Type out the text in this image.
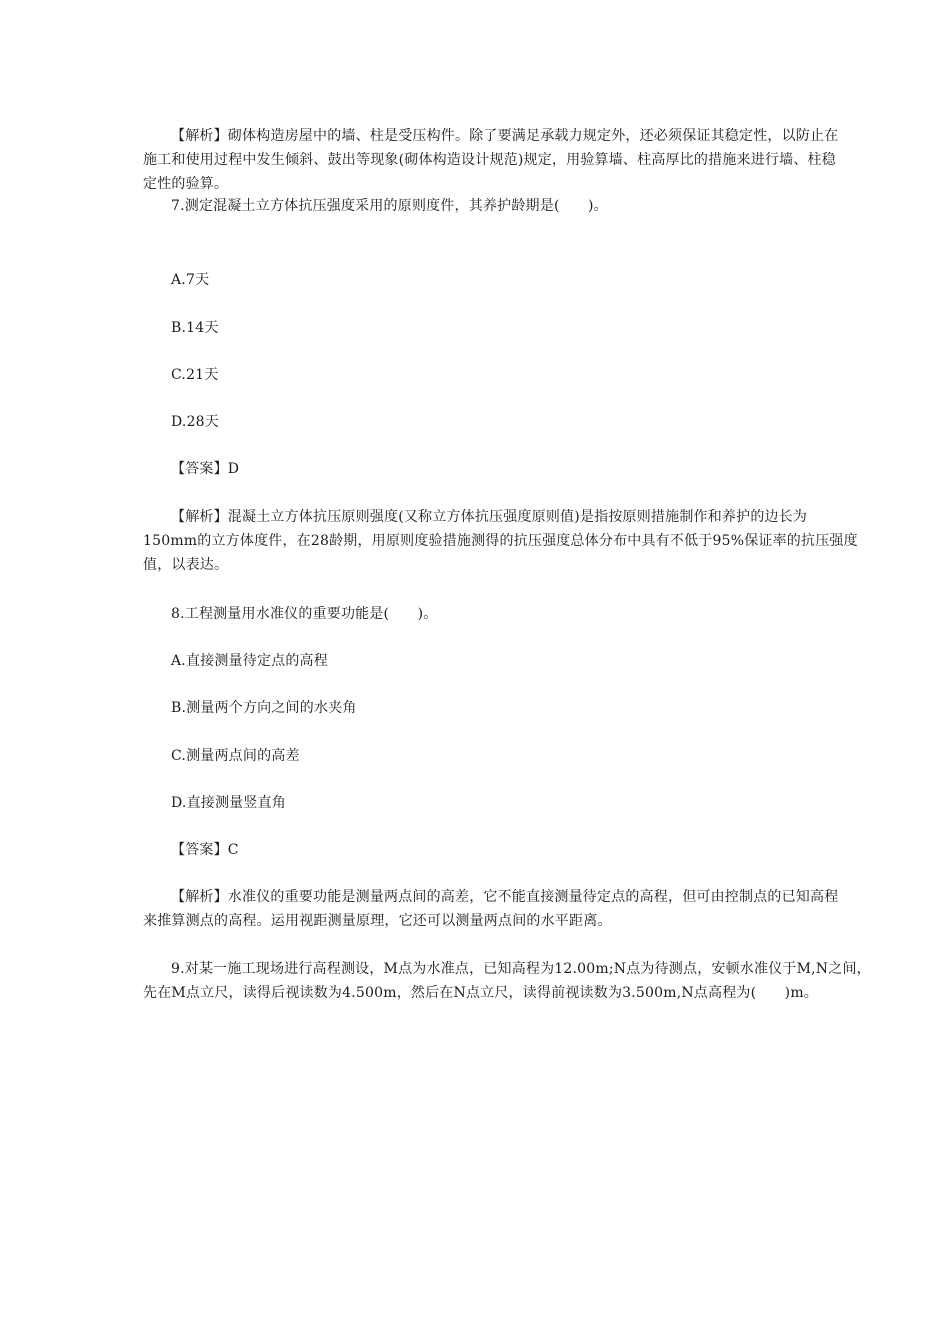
【解析】砌体构造房屋中的墙、柱是受压构件。除了要满足承载力规定外，还必须保证其稳定性，以防止在
施工和使用过程中发生倾斜、鼓出等现象(砌体构造设计规范)规定，用验算墙、柱高厚比的措施来进行墙、柱稳
定性的验算。
7.测定混凝土立方体抗压强度采用的原则度件，其养护龄期是(　　)。
A.7天
B.14天
C.21天
D.28天
【答案】D
【解析】混凝土立方体抗压原则强度(又称立方体抗压强度原则值)是指按原则措施制作和养护的边长为
150mm的立方体度件，在28龄期，用原则度验措施测得的抗压强度总体分布中具有不低于95%保证率的抗压强度
值，以表达。
8.工程测量用水准仪的重要功能是(　　)。
A.直接测量待定点的高程
B.测量两个方向之间的水夹角
C.测量两点间的高差
D.直接测量竖直角
【答案】C
【解析】水准仪的重要功能是测量两点间的高差，它不能直接测量待定点的高程，但可由控制点的已知高程
来推算测点的高程。运用视距测量原理，它还可以测量两点间的水平距离。
9.对某一施工现场进行高程测设，M点为水准点，已知高程为12.00m;N点为待测点，安顿水准仪于M,N之间，
先在M点立尺，读得后视读数为4.500m，然后在N点立尺，读得前视读数为3.500m,N点高程为(　　)m。
